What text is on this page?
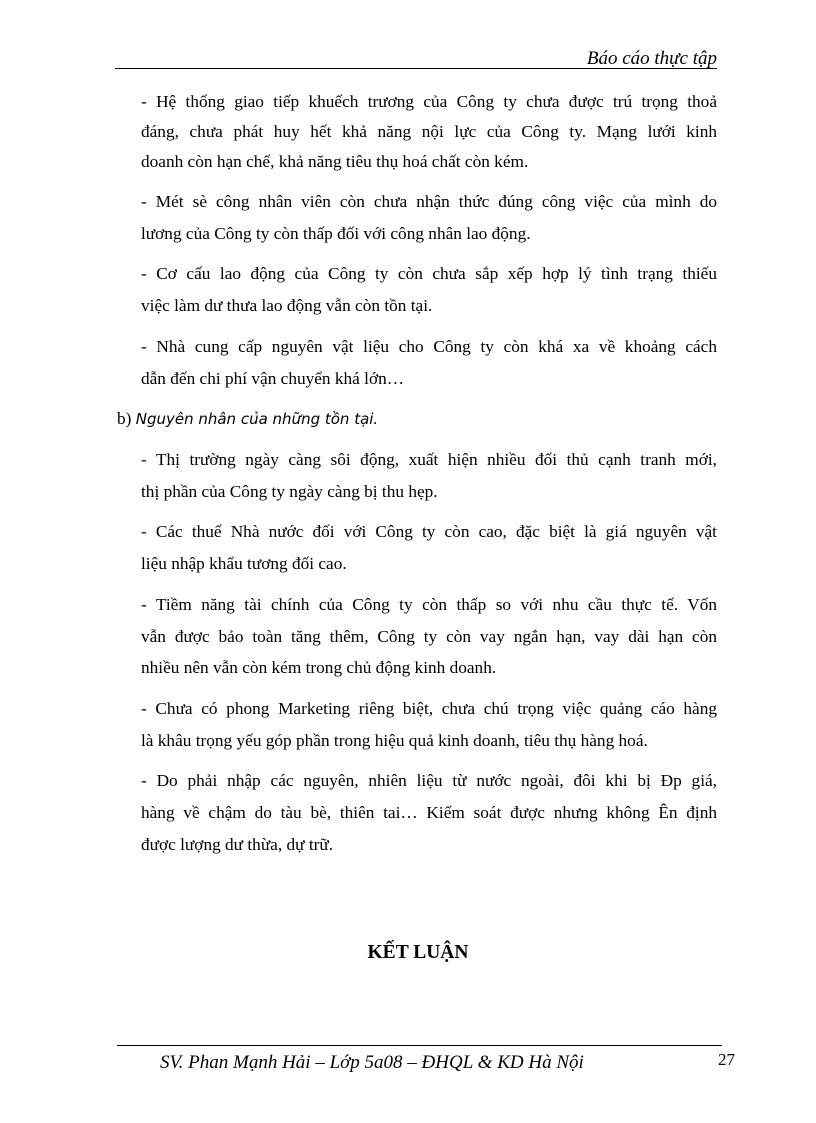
Báo cáo thực tập
- Hệ thống giao tiếp khuếch trương của Công ty chưa được trú trọng thoả
đáng, chưa phát huy hết khả năng nội lực của Công ty. Mạng lưới kinh
doanh còn hạn chế, khả năng tiêu thụ hoá chất còn kém.
- Mét sè công nhân viên còn chưa nhận thức đúng công việc của mình do
lương của Công ty còn thấp đối với công nhân lao động.
- Cơ cấu lao động của Công ty còn chưa sắp xếp hợp lý tình trạng thiếu
việc làm dư thưa lao động vẫn còn tồn tại.
- Nhà cung cấp nguyên vật liệu cho Công ty còn khá xa về khoảng cách
dẫn đến chi phí vận chuyển khá lớn…
b) Nguyên nhân của những tồn tại.
- Thị trường ngày càng sôi động, xuất hiện nhiều đối thủ cạnh tranh mới,
thị phần của Công ty ngày càng bị thu hẹp.
- Các thuế Nhà nước đối với Công ty còn cao, đặc biệt là giá nguyên vật
liệu nhập khẩu tương đối cao.
- Tiềm năng tài chính của Công ty còn thấp so với nhu cầu thực tế. Vốn
vẫn được bảo toàn tăng thêm, Công ty còn vay ngắn hạn, vay dài hạn còn
nhiều nên vẫn còn kém trong chủ động kinh doanh.
- Chưa có phong Marketing riêng biệt, chưa chú trọng việc quảng cáo hàng
là khâu trọng yếu góp phần trong hiệu quả kinh doanh, tiêu thụ hàng hoá.
- Do phải nhập các nguyên, nhiên liệu từ nước ngoài, đôi khi bị Ðp giá,
hàng về chậm do tàu bè, thiên tai… Kiểm soát được nhưng không Ên định
được lượng dư thừa, dự trữ.
KẾT LUẬN
SV. Phan Mạnh Hải – Lớp 5a08 – ĐHQL & KD Hà Nội	27
